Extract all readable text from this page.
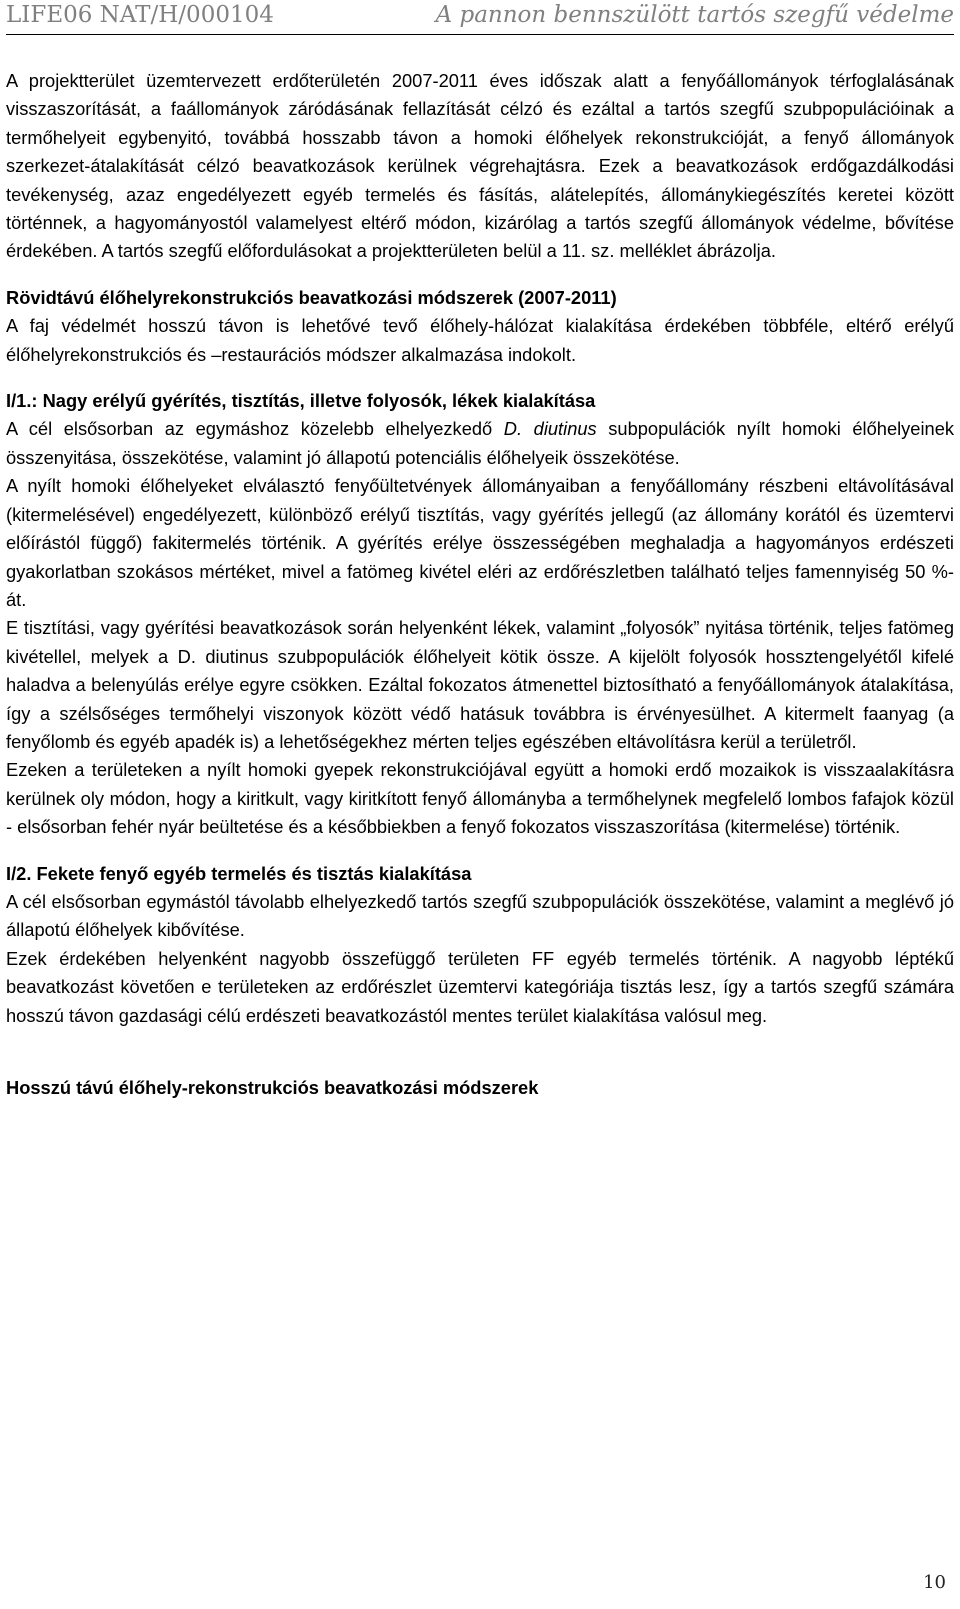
LIFE06 NAT/H/000104	A pannon bennszülött tartós szegfű védelme

A projektterület üzemtervezett erdőterületén 2007-2011 éves időszak alatt a fenyőállományok térfoglalásának visszaszorítását, a faállományok záródásának fellazítását célzó és ezáltal a tartós szegfű szubpopulációinak a termőhelyeit egybenyitó, továbbá hosszabb távon a homoki élőhelyek rekonstrukcióját, a fenyő állományok szerkezet-átalakítását célzó beavatkozások kerülnek végrehajtásra. Ezek a beavatkozások erdőgazdálkodási tevékenység, azaz engedélyezett egyéb termelés és fásítás, alátelepítés, állománykiegészítés keretei között történnek, a hagyományostól valamelyest eltérő módon, kizárólag a tartós szegfű állományok védelme, bővítése érdekében. A tartós szegfű előfordulásokat a projektterületen belül a 11. sz. melléklet ábrázolja.

Rövidtávú élőhelyrekonstrukciós beavatkozási módszerek (2007-2011)

A faj védelmét hosszú távon is lehetővé tevő élőhely-hálózat kialakítása érdekében többféle, eltérő erélyű élőhelyrekonstrukciós és –restaurációs módszer alkalmazása indokolt.

I/1.: Nagy erélyű gyérítés, tisztítás, illetve folyosók, lékek kialakítása

A cél elsősorban az egymáshoz közelebb elhelyezkedő D. diutinus subpopulációk nyílt homoki élőhelyeinek összenyitása, összekötése, valamint jó állapotú potenciális élőhelyeik összekötése.

A nyílt homoki élőhelyeket elválasztó fenyőültetvények állományaiban a fenyőállomány részbeni eltávolításával (kitermelésével) engedélyezett, különböző erélyű tisztítás, vagy gyérítés jellegű (az állomány korától és üzemtervi előírástól függő) fakitermelés történik. A gyérítés erélye összességében meghaladja a hagyományos erdészeti gyakorlatban szokásos mértéket, mivel a fatömeg kivétel eléri az erdőrészletben található teljes famennyiség 50 %-át.

E tisztítási, vagy gyérítési beavatkozások során helyenként lékek, valamint „folyosók” nyitása történik, teljes fatömeg kivétellel, melyek a D. diutinus szubpopulációk élőhelyeit kötik össze. A kijelölt folyosók hossztengelyétől kifelé haladva a belenyúlás erélye egyre csökken. Ezáltal fokozatos átmenettel biztosítható a fenyőállományok átalakítása, így a szélsőséges termőhelyi viszonyok között védő hatásuk továbbra is érvényesülhet. A kitermelt faanyag (a fenyőlomb és egyéb apadék is) a lehetőségekhez mérten teljes egészében eltávolításra kerül a területről.

Ezeken a területeken a nyílt homoki gyepek rekonstrukciójával együtt a homoki erdő mozaikok is visszaalakításra kerülnek oly módon, hogy a kiritkult, vagy kiritkított fenyő állományba a termőhelynek megfelelő lombos fafajok közül - elsősorban fehér nyár beültetése és a későbbiekben a fenyő fokozatos visszaszorítása (kitermelése) történik.

I/2. Fekete fenyő egyéb termelés és tisztás kialakítása

A cél elsősorban egymástól távolabb elhelyezkedő tartós szegfű szubpopulációk összekötése, valamint a meglévő jó állapotú élőhelyek kibővítése.

Ezek érdekében helyenként nagyobb összefüggő területen FF egyéb termelés történik. A nagyobb léptékű beavatkozást követően e területeken az erdőrészlet üzemtervi kategóriája tisztás lesz, így a tartós szegfű számára hosszú távon gazdasági célú erdészeti beavatkozástól mentes terület kialakítása valósul meg.

Hosszú távú élőhely-rekonstrukciós beavatkozási módszerek
10
